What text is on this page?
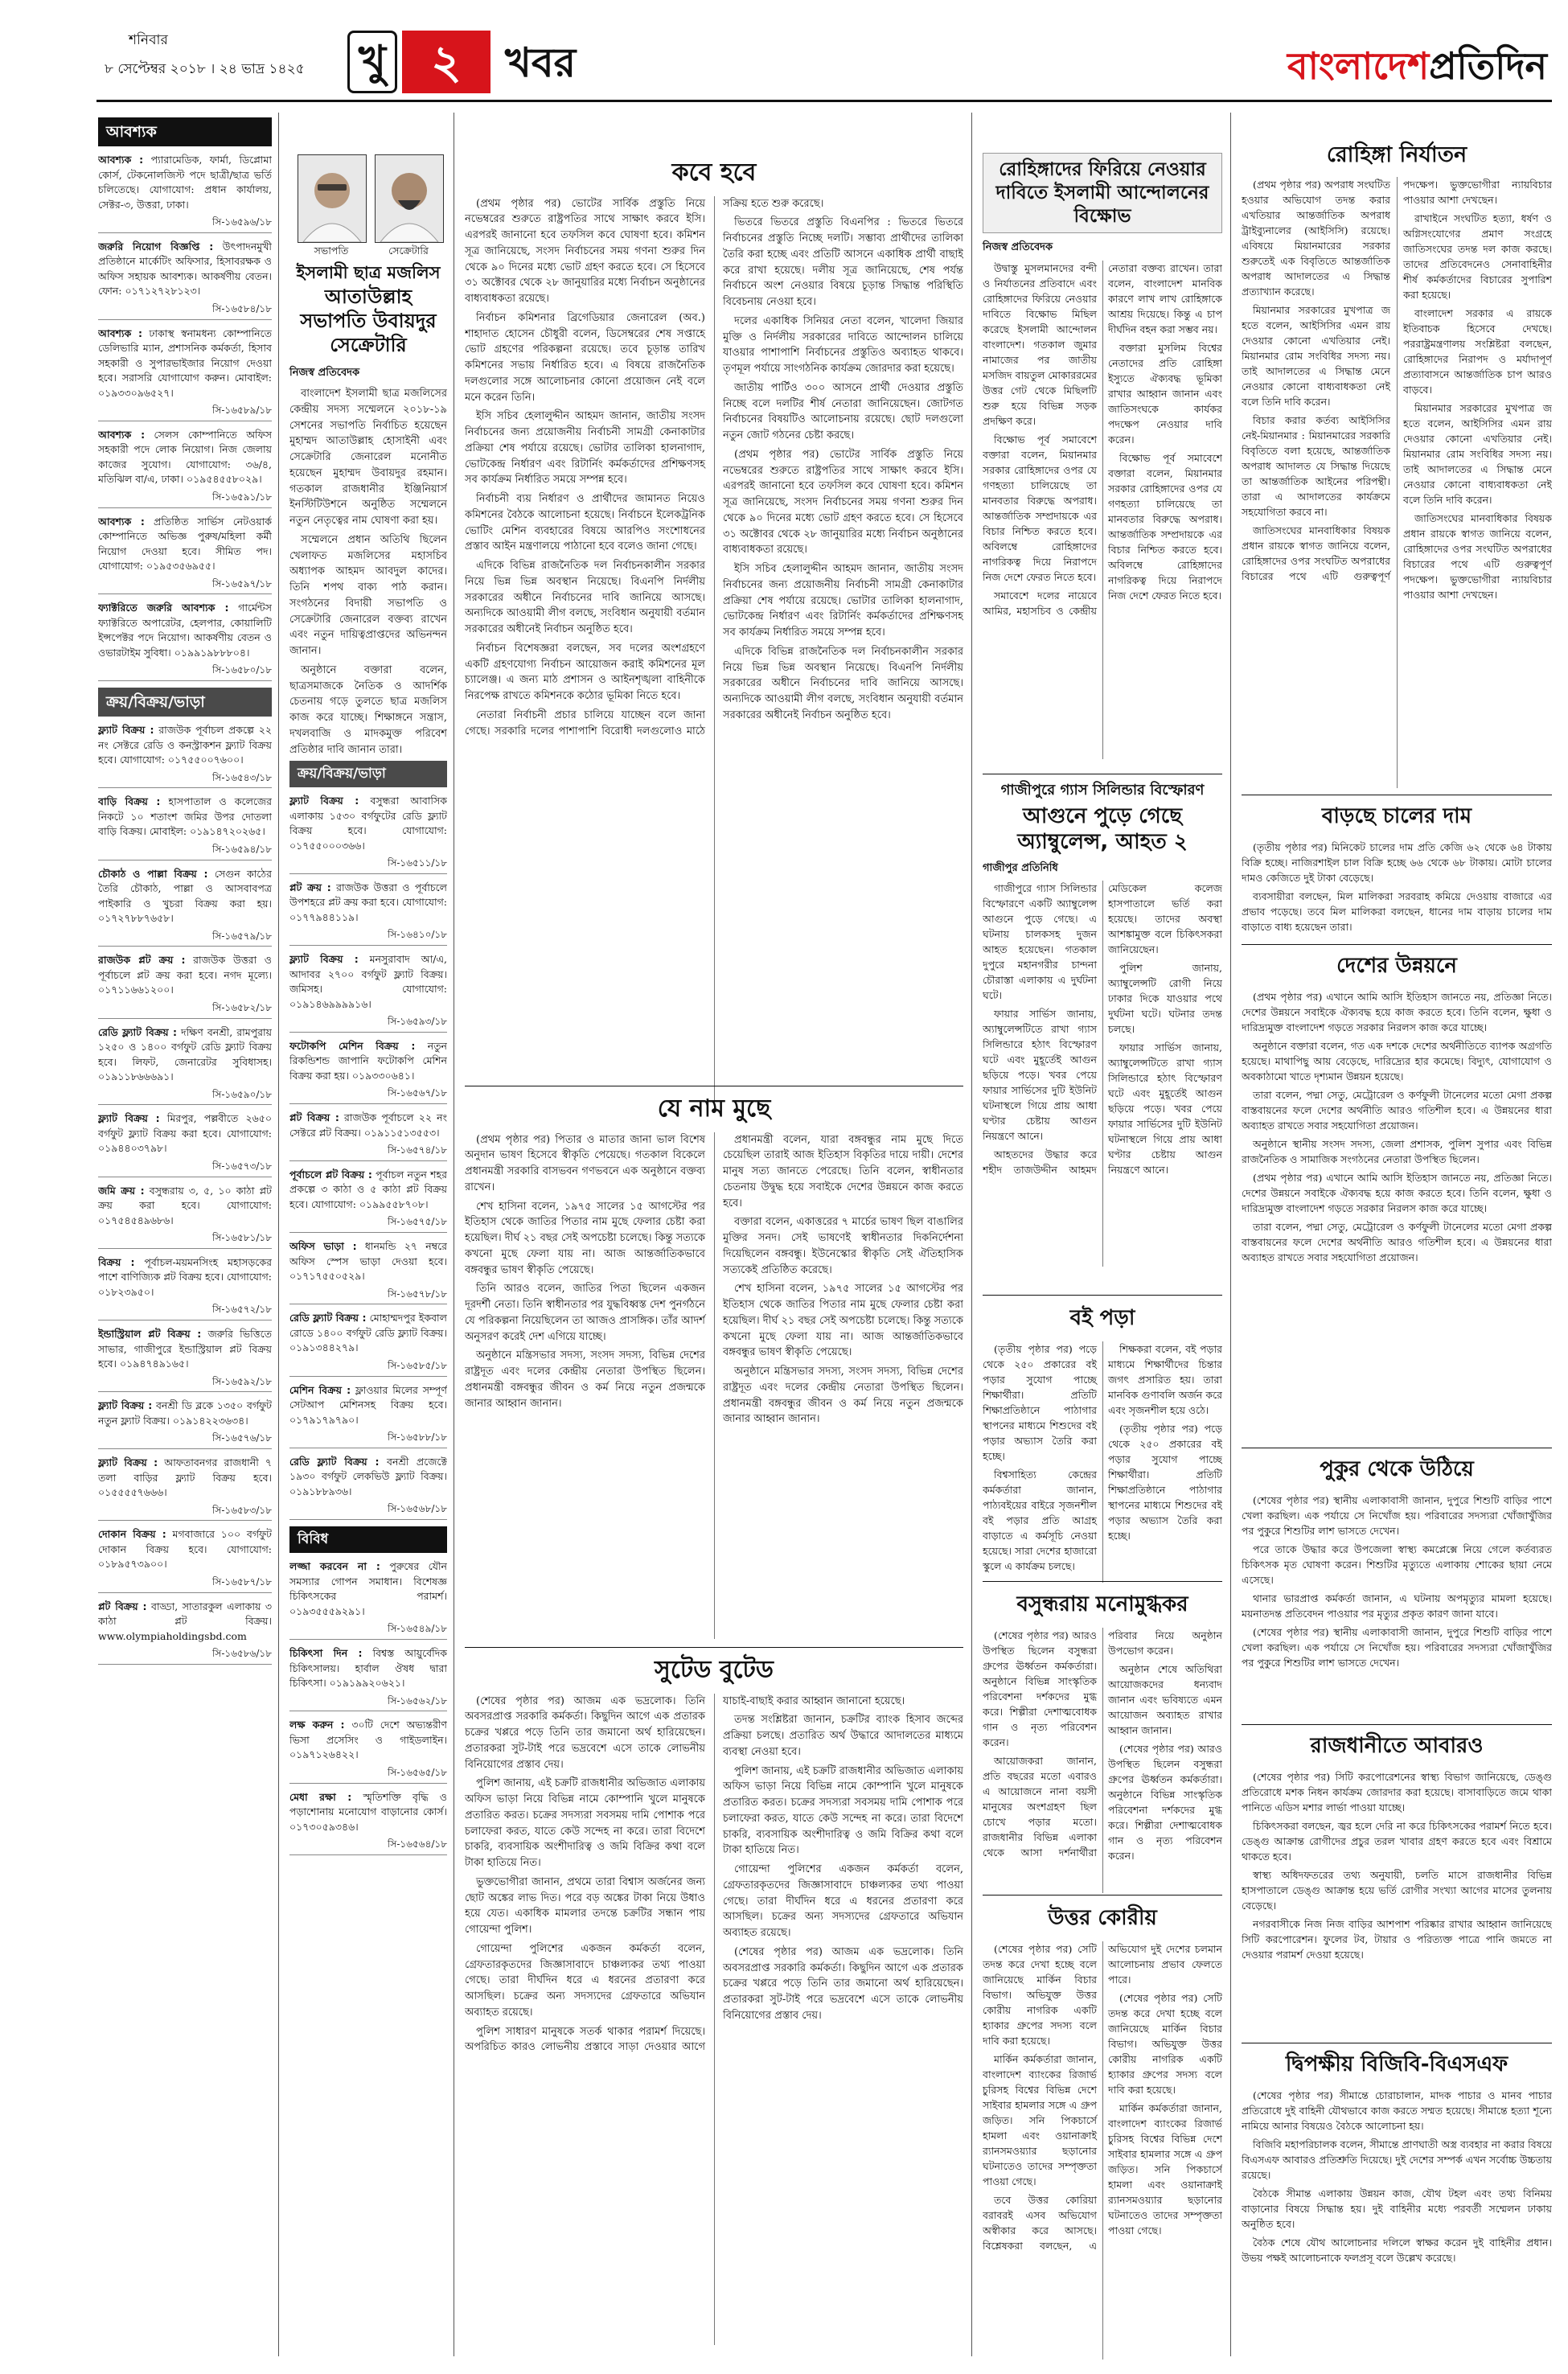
শনিবার
৮ সেপ্টেম্বর ২০১৮ । ২৪ ভাদ্র ১৪২৫ খু ২	খবর	বাংলাদেশপ্রতিদিন
আবশ্যক
আবশ্যক : প্যারামেডিক, ফার্মা, ডিপ্লোমা কোর্স, টেকনোলজিস্ট পদে ছাত্রী/ছাত্র ভর্তি চলিতেছে। যোগাযোগ: প্রধান কার্যালয়, সেক্টর-৩, উত্তরা, ঢাকা।
সি-১৬৫৯৬/১৮
জরুরি নিয়োগ বিজ্ঞপ্তি : উৎপাদনমুখী প্রতিষ্ঠানে মার্কেটিং অফিসার, হিসাবরক্ষক ও অফিস সহায়ক আবশ্যক। আকর্ষণীয় বেতন। ফোন: ০১৭১২৭২৮১২৩।
সি-১৬৫৮৪/১৮
আবশ্যক : ঢাকাস্থ স্বনামধন্য কোম্পানিতে ডেলিভারি ম্যান, প্রশাসনিক কর্মকর্তা, হিসাব সহকারী ও সুপারভাইজার নিয়োগ দেওয়া হবে। সরাসরি যোগাযোগ করুন। মোবাইল: ০১৯৩৩০৯৬৫২৭।
সি-১৬৫৮৯/১৮
আবশ্যক : সেলস কোম্পানিতে অফিস সহকারী পদে লোক নিয়োগ। নিজ জেলায় কাজের সুযোগ। যোগাযোগ: ৩৬/৪, মতিঝিল বা/এ, ঢাকা। ০১৯৫৪৫৫৮০২৯।
সি-১৬৫৯১/১৮
আবশ্যক : প্রতিষ্ঠিত সার্ভিস নেটওয়ার্ক কোম্পানিতে অভিজ্ঞ পুরুষ/মহিলা কর্মী নিয়োগ দেওয়া হবে। সীমিত পদ। যোগাযোগ: ০১৯৫৩৫৬৯৫৫।
সি-১৬৫৯৭/১৮
ফ্যাক্টরিতে জরুরি আবশ্যক : গার্মেন্টস ফ্যাক্টরিতে অপারেটর, হেলপার, কোয়ালিটি ইন্সপেক্টর পদে নিয়োগ। আকর্ষণীয় বেতন ও ওভারটাইম সুবিধা। ০১৯৯১৯৮৮৮০৪।
সি-১৬৫৮০/১৮
ক্রয়/বিক্রয়/ভাড়া
ফ্ল্যাট বিক্রয় : রাজউক পূর্বাচল প্রকল্পে ২২ নং সেক্টরে রেডি ও কনস্ট্রাকশন ফ্ল্যাট বিক্রয় হবে। যোগাযোগ: ০১৭৫৫০০৭৬০০।
সি-১৬৫৪৩/১৮
বাড়ি বিক্রয় : হাসপাতাল ও কলেজের নিকটে ১০ শতাংশ জমির উপর দোতলা বাড়ি বিক্রয়। মোবাইল: ০১৯১৪৭২০২৬৫।
সি-১৬৫৯৪/১৮
চৌকাঠ ও পাল্লা বিক্রয় : সেগুন কাঠের তৈরি চৌকাঠ, পাল্লা ও আসবাবপত্র পাইকারি ও খুচরা বিক্রয় করা হয়। ০১৭২৭৮৮৭৬৫৮।
সি-১৬৫৭৯/১৮
রাজউক প্লট ক্রয় : রাজউক উত্তরা ও পূর্বাচলে প্লট ক্রয় করা হবে। নগদ মূল্যে। ০১৭১১৬৬১২০০।
সি-১৬৫৮২/১৮
রেডি ফ্ল্যাট বিক্রয় : দক্ষিণ বনশ্রী, রামপুরায় ১২৫০ ও ১৪০০ বর্গফুট রেডি ফ্ল্যাট বিক্রয় হবে। লিফট, জেনারেটর সুবিধাসহ। ০১৯১১৮৬৬৬৯১।
সি-১৬৫৯০/১৮
ফ্ল্যাট বিক্রয় : মিরপুর, পল্লবীতে ২৬৫০ বর্গফুট ফ্ল্যাট বিক্রয় করা হবে। যোগাযোগ: ০১৯৪৪০৩৭৯৮।
সি-১৬৫৭৩/১৮
জমি ক্রয় : বসুন্ধরায় ৩, ৫, ১০ কাঠা প্লট ক্রয় করা হবে। যোগাযোগ: ০১৭৫৪৫৪৯৬৮৬।
সি-১৬৫৮১/১৮
বিক্রয় : পূর্বাচল-ময়মনসিংহ মহাসড়কের পাশে বাণিজ্যিক প্লট বিক্রয় হবে। যোগাযোগ: ০১৮২৩৯৫০।
সি-১৬৫৭২/১৮
ইন্ডাস্ট্রিয়াল প্লট বিক্রয় : জরুরি ভিত্তিতে সাভার, গাজীপুরে ইন্ডাস্ট্রিয়াল প্লট বিক্রয় হবে। ০১৯৪৭৪৯১৬৫।
সি-১৬৫৯২/১৮
ফ্ল্যাট বিক্রয় : বনশ্রী ডি ব্লকে ১৩৫০ বর্গফুট নতুন ফ্ল্যাট বিক্রয়। ০১৯১৪২২৩৬৩৪।
সি-১৬৫৭৬/১৮
ফ্ল্যাট বিক্রয় : আফতাবনগর রাজধানী ৭ তলা বাড়ির ফ্ল্যাট বিক্রয় হবে। ০১৫৫৫৫৭৬৬৬।
সি-১৬৫৮৩/১৮
দোকান বিক্রয় : মগবাজারে ১০০ বর্গফুট দোকান বিক্রয় হবে। যোগাযোগ: ০১৮৯৫৭৩৯০০।
সি-১৬৫৮৭/১৮
প্লট বিক্রয় : বাড্ডা, সাতারকুল এলাকায় ৩ কাঠা প্লট বিক্রয়। www.olympiaholdingsbd.com
সি-১৬৫৮৬/১৮
সভাপতি	সেক্রেটারি
ইসলামী ছাত্র মজলিস
আতাউল্লাহ সভাপতি উবায়দুর সেক্রেটারি
নিজস্ব প্রতিবেদক

বাংলাদেশ ইসলামী ছাত্র মজলিসের কেন্দ্রীয় সদস্য সম্মেলনে ২০১৮-১৯ সেশনের সভাপতি নির্বাচিত হয়েছেন মুহাম্মদ আতাউল্লাহ হোসাইনী এবং সেক্রেটারি জেনারেল মনোনীত হয়েছেন মুহাম্মদ উবায়দুর রহমান। গতকাল রাজধানীর ইঞ্জিনিয়ার্স ইনস্টিটিউশনে অনুষ্ঠিত সম্মেলনে নতুন নেতৃত্বের নাম ঘোষণা করা হয়।

সম্মেলনে প্রধান অতিথি ছিলেন খেলাফত মজলিসের মহাসচিব অধ্যাপক আহমদ আবদুল কাদের। তিনি শপথ বাক্য পাঠ করান। সংগঠনের বিদায়ী সভাপতি ও সেক্রেটারি জেনারেল বক্তব্য রাখেন এবং নতুন দায়িত্বপ্রাপ্তদের অভিনন্দন জানান।

অনুষ্ঠানে বক্তারা বলেন, ছাত্রসমাজকে নৈতিক ও আদর্শিক চেতনায় গড়ে তুলতে ছাত্র মজলিস কাজ করে যাচ্ছে। শিক্ষাঙ্গনে সন্ত্রাস, দখলবাজি ও মাদকমুক্ত পরিবেশ প্রতিষ্ঠার দাবি জানান তারা।

ক্রয়/বিক্রয়/ভাড়া
ফ্ল্যাট বিক্রয় : বসুন্ধরা আবাসিক এলাকায় ১৫৩০ বর্গফুটের রেডি ফ্ল্যাট বিক্রয় হবে। যোগাযোগ: ০১৭৫৫০০০৩৬৬।
সি-১৬৫১১/১৮
প্লট ক্রয় : রাজউক উত্তরা ও পূর্বাচলে উপশহরে প্লট ক্রয় করা হবে। যোগাযোগ: ০১৭৭৯৪৪১১৯।
সি-১৬৪১০/১৮
ফ্ল্যাট বিক্রয় : মনসুরাবাদ আ/এ, আদাবর ২৭০০ বর্গফুট ফ্ল্যাট বিক্রয়। জমিসহ। যোগাযোগ: ০১৯১৪৬৯৯৯৯১৬।
সি-১৬৫৯৩/১৮
ফটোকপি মেশিন বিক্রয় : নতুন রিকন্ডিশন্ড জাপানি ফটোকপি মেশিন বিক্রয় করা হয়। ০১৯৩৩০৬৪১।
সি-১৬৫৬৭/১৮
প্লট বিক্রয় : রাজউক পূর্বাচলে ২২ নং সেক্টরে প্লট বিক্রয়। ০১৯১১৫১৩৫৫৩।
সি-১৬৫৭৪/১৮
পূর্বাচলে প্লট বিক্রয় : পূর্বাচল নতুন শহর প্রকল্পে ৩ কাঠা ও ৫ কাঠা প্লট বিক্রয় হবে। যোগাযোগ: ০১৯৯৫৫৮৭০৮।
সি-১৬৫৭৫/১৮
অফিস ভাড়া : ধানমন্ডি ২৭ নম্বরে অফিস স্পেস ভাড়া দেওয়া হবে। ০১৭১৭৫৫০৫২৯।
সি-১৬৫৭৮/১৮
রেডি ফ্ল্যাট বিক্রয় : মোহাম্মদপুর ইকবাল রোডে ১৪০০ বর্গফুট রেডি ফ্ল্যাট বিক্রয়। ০১৯১৩৪৪২৭৯।
সি-১৬৫৮৫/১৮
মেশিন বিক্রয় : ফ্লাওয়ার মিলের সম্পূর্ণ সেটআপ মেশিনসহ বিক্রয় হবে। ০১৭৯১৭৯৭৯০।
সি-১৬৫৮৮/১৮
রেডি ফ্ল্যাট বিক্রয় : বনশ্রী প্রজেক্টে ১৯৩০ বর্গফুট লেকভিউ ফ্ল্যাট বিক্রয়। ০১৯১৮৮৯৩৬।
সি-১৬৫৬৮/১৮
বিবিধ
লজ্জা করবেন না : পুরুষের যৌন সমস্যার গোপন সমাধান। বিশেষজ্ঞ চিকিৎসকের পরামর্শ। ০১৯৩৫৫৫৯২৯১।
সি-১৬৫৪৯/১৮
চিকিৎসা দিন : বিশ্বস্ত আয়ুর্বেদিক চিকিৎসালয়। হার্বাল ঔষধ দ্বারা চিকিৎসা। ০১৯১৯৯২০৬২১।
সি-১৬৫৬২/১৮
লক্ষ করুন : ৩০টি দেশে অভ্যন্তরীণ ভিসা প্রসেসিং ও গাইডলাইন। ০১৯৭১২৬৪২২।
সি-১৬৫৬৫/১৮
মেধা রক্ষা : স্মৃতিশক্তি বৃদ্ধি ও পড়াশোনায় মনোযোগ বাড়ানোর কোর্স। ০১৭৩০৫৯৩৪৬।
সি-১৬৫৬৪/১৮
কবে হবে

(প্রথম পৃষ্ঠার পর) ভোটের সার্বিক প্রস্তুতি নিয়ে নভেম্বরের শুরুতে রাষ্ট্রপতির সাথে সাক্ষাৎ করবে ইসি। এরপরই জানানো হবে তফসিল কবে ঘোষণা হবে। কমিশন সূত্র জানিয়েছে, সংসদ নির্বাচনের সময় গণনা শুরুর দিন থেকে ৯০ দিনের মধ্যে ভোট গ্রহণ করতে হবে। সে হিসেবে ৩১ অক্টোবর থেকে ২৮ জানুয়ারির মধ্যে নির্বাচন অনুষ্ঠানের বাধ্যবাধকতা রয়েছে।

নির্বাচন কমিশনার ব্রিগেডিয়ার জেনারেল (অব.) শাহাদাত হোসেন চৌধুরী বলেন, ডিসেম্বরের শেষ সপ্তাহে ভোট গ্রহণের পরিকল্পনা রয়েছে। তবে চূড়ান্ত তারিখ কমিশনের সভায় নির্ধারিত হবে। এ বিষয়ে রাজনৈতিক দলগুলোর সঙ্গে আলোচনার কোনো প্রয়োজন নেই বলে মনে করেন তিনি।

ইসি সচিব হেলালুদ্দীন আহমদ জানান, জাতীয় সংসদ নির্বাচনের জন্য প্রয়োজনীয় নির্বাচনী সামগ্রী কেনাকাটার প্রক্রিয়া শেষ পর্যায়ে রয়েছে। ভোটার তালিকা হালনাগাদ, ভোটকেন্দ্র নির্ধারণ এবং রিটার্নিং কর্মকর্তাদের প্রশিক্ষণসহ সব কার্যক্রম নির্ধারিত সময়ে সম্পন্ন হবে।

নির্বাচনী ব্যয় নির্ধারণ ও প্রার্থীদের জামানত নিয়েও কমিশনের বৈঠকে আলোচনা হয়েছে। নির্বাচনে ইলেকট্রনিক ভোটিং মেশিন ব্যবহারের বিষয়ে আরপিও সংশোধনের প্রস্তাব আইন মন্ত্রণালয়ে পাঠানো হবে বলেও জানা গেছে।

এদিকে বিভিন্ন রাজনৈতিক দল নির্বাচনকালীন সরকার নিয়ে ভিন্ন ভিন্ন অবস্থান নিয়েছে। বিএনপি নির্দলীয় সরকারের অধীনে নির্বাচনের দাবি জানিয়ে আসছে। অন্যদিকে আওয়ামী লীগ বলছে, সংবিধান অনুযায়ী বর্তমান সরকারের অধীনেই নির্বাচন অনুষ্ঠিত হবে।

নির্বাচন বিশেষজ্ঞরা বলছেন, সব দলের অংশগ্রহণে একটি গ্রহণযোগ্য নির্বাচন আয়োজন করাই কমিশনের মূল চ্যালেঞ্জ। এ জন্য মাঠ প্রশাসন ও আইনশৃঙ্খলা বাহিনীকে নিরপেক্ষ রাখতে কমিশনকে কঠোর ভূমিকা নিতে হবে।

নেতারা নির্বাচনী প্রচার চালিয়ে যাচ্ছেন বলে জানা গেছে। সরকারি দলের পাশাপাশি বিরোধী দলগুলোও মাঠে সক্রিয় হতে শুরু করেছে।

ভিতরে ভিতরে প্রস্তুতি বিএনপির : ভিতরে ভিতরে নির্বাচনের প্রস্তুতি নিচ্ছে দলটি। সম্ভাব্য প্রার্থীদের তালিকা তৈরি করা হচ্ছে এবং প্রতিটি আসনে একাধিক প্রার্থী বাছাই করে রাখা হয়েছে। দলীয় সূত্র জানিয়েছে, শেষ পর্যন্ত নির্বাচনে অংশ নেওয়ার বিষয়ে চূড়ান্ত সিদ্ধান্ত পরিস্থিতি বিবেচনায় নেওয়া হবে।

দলের একাধিক সিনিয়র নেতা বলেন, খালেদা জিয়ার মুক্তি ও নির্দলীয় সরকারের দাবিতে আন্দোলন চালিয়ে যাওয়ার পাশাপাশি নির্বাচনের প্রস্তুতিও অব্যাহত থাকবে। তৃণমূল পর্যায়ে সাংগঠনিক কার্যক্রম জোরদার করা হয়েছে।

জাতীয় পার্টিও ৩০০ আসনে প্রার্থী দেওয়ার প্রস্তুতি নিচ্ছে বলে দলটির শীর্ষ নেতারা জানিয়েছেন। জোটগত নির্বাচনের বিষয়টিও আলোচনায় রয়েছে। ছোট দলগুলো নতুন জোট গঠনের চেষ্টা করছে।

(প্রথম পৃষ্ঠার পর) ভোটের সার্বিক প্রস্তুতি নিয়ে নভেম্বরের শুরুতে রাষ্ট্রপতির সাথে সাক্ষাৎ করবে ইসি। এরপরই জানানো হবে তফসিল কবে ঘোষণা হবে। কমিশন সূত্র জানিয়েছে, সংসদ নির্বাচনের সময় গণনা শুরুর দিন থেকে ৯০ দিনের মধ্যে ভোট গ্রহণ করতে হবে। সে হিসেবে ৩১ অক্টোবর থেকে ২৮ জানুয়ারির মধ্যে নির্বাচন অনুষ্ঠানের বাধ্যবাধকতা রয়েছে।

ইসি সচিব হেলালুদ্দীন আহমদ জানান, জাতীয় সংসদ নির্বাচনের জন্য প্রয়োজনীয় নির্বাচনী সামগ্রী কেনাকাটার প্রক্রিয়া শেষ পর্যায়ে রয়েছে। ভোটার তালিকা হালনাগাদ, ভোটকেন্দ্র নির্ধারণ এবং রিটার্নিং কর্মকর্তাদের প্রশিক্ষণসহ সব কার্যক্রম নির্ধারিত সময়ে সম্পন্ন হবে।

এদিকে বিভিন্ন রাজনৈতিক দল নির্বাচনকালীন সরকার নিয়ে ভিন্ন ভিন্ন অবস্থান নিয়েছে। বিএনপি নির্দলীয় সরকারের অধীনে নির্বাচনের দাবি জানিয়ে আসছে। অন্যদিকে আওয়ামী লীগ বলছে, সংবিধান অনুযায়ী বর্তমান সরকারের অধীনেই নির্বাচন অনুষ্ঠিত হবে।

যে নাম মুছে

(প্রথম পৃষ্ঠার পর) পিতার ও মাতার জানা ভাল বিশেষ অনুদান ভাষণ হিসেবে স্বীকৃতি পেয়েছে। গতকাল বিকেলে প্রধানমন্ত্রী সরকারি বাসভবন গণভবনে এক অনুষ্ঠানে বক্তব্য রাখেন।

শেখ হাসিনা বলেন, ১৯৭৫ সালের ১৫ আগস্টের পর ইতিহাস থেকে জাতির পিতার নাম মুছে ফেলার চেষ্টা করা হয়েছিল। দীর্ঘ ২১ বছর সেই অপচেষ্টা চলেছে। কিন্তু সত্যকে কখনো মুছে ফেলা যায় না। আজ আন্তর্জাতিকভাবে বঙ্গবন্ধুর ভাষণ স্বীকৃতি পেয়েছে।

তিনি আরও বলেন, জাতির পিতা ছিলেন একজন দূরদর্শী নেতা। তিনি স্বাধীনতার পর যুদ্ধবিধ্বস্ত দেশ পুনর্গঠনে যে পরিকল্পনা নিয়েছিলেন তা আজও প্রাসঙ্গিক। তাঁর আদর্শ অনুসরণ করেই দেশ এগিয়ে যাচ্ছে।

অনুষ্ঠানে মন্ত্রিসভার সদস্য, সংসদ সদস্য, বিভিন্ন দেশের রাষ্ট্রদূত এবং দলের কেন্দ্রীয় নেতারা উপস্থিত ছিলেন। প্রধানমন্ত্রী বঙ্গবন্ধুর জীবন ও কর্ম নিয়ে নতুন প্রজন্মকে জানার আহ্বান জানান।

প্রধানমন্ত্রী বলেন, যারা বঙ্গবন্ধুর নাম মুছে দিতে চেয়েছিল তারাই আজ ইতিহাস বিকৃতির দায়ে দায়ী। দেশের মানুষ সত্য জানতে পেরেছে। তিনি বলেন, স্বাধীনতার চেতনায় উদ্বুদ্ধ হয়ে সবাইকে দেশের উন্নয়নে কাজ করতে হবে।

বক্তারা বলেন, একাত্তরের ৭ মার্চের ভাষণ ছিল বাঙালির মুক্তির সনদ। সেই ভাষণেই স্বাধীনতার দিকনির্দেশনা দিয়েছিলেন বঙ্গবন্ধু। ইউনেস্কোর স্বীকৃতি সেই ঐতিহাসিক সত্যকেই প্রতিষ্ঠিত করেছে।

শেখ হাসিনা বলেন, ১৯৭৫ সালের ১৫ আগস্টের পর ইতিহাস থেকে জাতির পিতার নাম মুছে ফেলার চেষ্টা করা হয়েছিল। দীর্ঘ ২১ বছর সেই অপচেষ্টা চলেছে। কিন্তু সত্যকে কখনো মুছে ফেলা যায় না। আজ আন্তর্জাতিকভাবে বঙ্গবন্ধুর ভাষণ স্বীকৃতি পেয়েছে।

অনুষ্ঠানে মন্ত্রিসভার সদস্য, সংসদ সদস্য, বিভিন্ন দেশের রাষ্ট্রদূত এবং দলের কেন্দ্রীয় নেতারা উপস্থিত ছিলেন। প্রধানমন্ত্রী বঙ্গবন্ধুর জীবন ও কর্ম নিয়ে নতুন প্রজন্মকে জানার আহ্বান জানান।

সুটেড বুটেড

(শেষের পৃষ্ঠার পর) আজম এক ভদ্রলোক। তিনি অবসরপ্রাপ্ত সরকারি কর্মকর্তা। কিছুদিন আগে এক প্রতারক চক্রের খপ্পরে পড়ে তিনি তার জমানো অর্থ হারিয়েছেন। প্রতারকরা সুট-টাই পরে ভদ্রবেশে এসে তাকে লোভনীয় বিনিয়োগের প্রস্তাব দেয়।

পুলিশ জানায়, এই চক্রটি রাজধানীর অভিজাত এলাকায় অফিস ভাড়া নিয়ে বিভিন্ন নামে কোম্পানি খুলে মানুষকে প্রতারিত করত। চক্রের সদস্যরা সবসময় দামি পোশাক পরে চলাফেরা করত, যাতে কেউ সন্দেহ না করে। তারা বিদেশে চাকরি, ব্যবসায়িক অংশীদারিত্ব ও জমি বিক্রির কথা বলে টাকা হাতিয়ে নিত।

ভুক্তভোগীরা জানান, প্রথমে তারা বিশ্বাস অর্জনের জন্য ছোট অঙ্কের লাভ দিত। পরে বড় অঙ্কের টাকা নিয়ে উধাও হয়ে যেত। একাধিক মামলার তদন্তে চক্রটির সন্ধান পায় গোয়েন্দা পুলিশ।

গোয়েন্দা পুলিশের একজন কর্মকর্তা বলেন, গ্রেফতারকৃতদের জিজ্ঞাসাবাদে চাঞ্চল্যকর তথ্য পাওয়া গেছে। তারা দীর্ঘদিন ধরে এ ধরনের প্রতারণা করে আসছিল। চক্রের অন্য সদস্যদের গ্রেফতারে অভিযান অব্যাহত রয়েছে।

পুলিশ সাধারণ মানুষকে সতর্ক থাকার পরামর্শ দিয়েছে। অপরিচিত কারও লোভনীয় প্রস্তাবে সাড়া দেওয়ার আগে যাচাই-বাছাই করার আহ্বান জানানো হয়েছে।

তদন্ত সংশ্লিষ্টরা জানান, চক্রটির ব্যাংক হিসাব জব্দের প্রক্রিয়া চলছে। প্রতারিত অর্থ উদ্ধারে আদালতের মাধ্যমে ব্যবস্থা নেওয়া হবে।

পুলিশ জানায়, এই চক্রটি রাজধানীর অভিজাত এলাকায় অফিস ভাড়া নিয়ে বিভিন্ন নামে কোম্পানি খুলে মানুষকে প্রতারিত করত। চক্রের সদস্যরা সবসময় দামি পোশাক পরে চলাফেরা করত, যাতে কেউ সন্দেহ না করে। তারা বিদেশে চাকরি, ব্যবসায়িক অংশীদারিত্ব ও জমি বিক্রির কথা বলে টাকা হাতিয়ে নিত।

গোয়েন্দা পুলিশের একজন কর্মকর্তা বলেন, গ্রেফতারকৃতদের জিজ্ঞাসাবাদে চাঞ্চল্যকর তথ্য পাওয়া গেছে। তারা দীর্ঘদিন ধরে এ ধরনের প্রতারণা করে আসছিল। চক্রের অন্য সদস্যদের গ্রেফতারে অভিযান অব্যাহত রয়েছে।

(শেষের পৃষ্ঠার পর) আজম এক ভদ্রলোক। তিনি অবসরপ্রাপ্ত সরকারি কর্মকর্তা। কিছুদিন আগে এক প্রতারক চক্রের খপ্পরে পড়ে তিনি তার জমানো অর্থ হারিয়েছেন। প্রতারকরা সুট-টাই পরে ভদ্রবেশে এসে তাকে লোভনীয় বিনিয়োগের প্রস্তাব দেয়।

রোহিঙ্গাদের ফিরিয়ে নেওয়ার দাবিতে ইসলামী আন্দোলনের বিক্ষোভ
নিজস্ব প্রতিবেদক

উদ্বাস্তু মুসলমানদের বন্দী ও নির্যাতনের প্রতিবাদে এবং রোহিঙ্গাদের ফিরিয়ে নেওয়ার দাবিতে বিক্ষোভ মিছিল করেছে ইসলামী আন্দোলন বাংলাদেশ। গতকাল জুমার নামাজের পর জাতীয় মসজিদ বায়তুল মোকাররমের উত্তর গেট থেকে মিছিলটি শুরু হয়ে বিভিন্ন সড়ক প্রদক্ষিণ করে।

বিক্ষোভ পূর্ব সমাবেশে বক্তারা বলেন, মিয়ানমার সরকার রোহিঙ্গাদের ওপর যে গণহত্যা চালিয়েছে তা মানবতার বিরুদ্ধে অপরাধ। আন্তর্জাতিক সম্প্রদায়কে এর বিচার নিশ্চিত করতে হবে। অবিলম্বে রোহিঙ্গাদের নাগরিকত্ব দিয়ে নিরাপদে নিজ দেশে ফেরত নিতে হবে।

সমাবেশে দলের নায়েবে আমির, মহাসচিব ও কেন্দ্রীয় নেতারা বক্তব্য রাখেন। তারা বলেন, বাংলাদেশ মানবিক কারণে লাখ লাখ রোহিঙ্গাকে আশ্রয় দিয়েছে। কিন্তু এ চাপ দীর্ঘদিন বহন করা সম্ভব নয়।

বক্তারা মুসলিম বিশ্বের নেতাদের প্রতি রোহিঙ্গা ইস্যুতে ঐক্যবদ্ধ ভূমিকা রাখার আহ্বান জানান এবং জাতিসংঘকে কার্যকর পদক্ষেপ নেওয়ার দাবি করেন।

বিক্ষোভ পূর্ব সমাবেশে বক্তারা বলেন, মিয়ানমার সরকার রোহিঙ্গাদের ওপর যে গণহত্যা চালিয়েছে তা মানবতার বিরুদ্ধে অপরাধ। আন্তর্জাতিক সম্প্রদায়কে এর বিচার নিশ্চিত করতে হবে। অবিলম্বে রোহিঙ্গাদের নাগরিকত্ব দিয়ে নিরাপদে নিজ দেশে ফেরত নিতে হবে।

গাজীপুরে গ্যাস সিলিন্ডার বিস্ফোরণ
আগুনে পুড়ে গেছে অ্যাম্বুলেন্স, আহত ২
গাজীপুর প্রতিনিধি

গাজীপুরে গ্যাস সিলিন্ডার বিস্ফোরণে একটি অ্যাম্বুলেন্স আগুনে পুড়ে গেছে। এ ঘটনায় চালকসহ দুজন আহত হয়েছেন। গতকাল দুপুরে মহানগরীর চান্দনা চৌরাস্তা এলাকায় এ দুর্ঘটনা ঘটে।

ফায়ার সার্ভিস জানায়, অ্যাম্বুলেন্সটিতে রাখা গ্যাস সিলিন্ডারে হঠাৎ বিস্ফোরণ ঘটে এবং মুহূর্তেই আগুন ছড়িয়ে পড়ে। খবর পেয়ে ফায়ার সার্ভিসের দুটি ইউনিট ঘটনাস্থলে গিয়ে প্রায় আধা ঘণ্টার চেষ্টায় আগুন নিয়ন্ত্রণে আনে।

আহতদের উদ্ধার করে শহীদ তাজউদ্দীন আহমদ মেডিকেল কলেজ হাসপাতালে ভর্তি করা হয়েছে। তাদের অবস্থা আশঙ্কামুক্ত বলে চিকিৎসকরা জানিয়েছেন।

পুলিশ জানায়, অ্যাম্বুলেন্সটি রোগী নিয়ে ঢাকার দিকে যাওয়ার পথে দুর্ঘটনা ঘটে। ঘটনার তদন্ত চলছে।

ফায়ার সার্ভিস জানায়, অ্যাম্বুলেন্সটিতে রাখা গ্যাস সিলিন্ডারে হঠাৎ বিস্ফোরণ ঘটে এবং মুহূর্তেই আগুন ছড়িয়ে পড়ে। খবর পেয়ে ফায়ার সার্ভিসের দুটি ইউনিট ঘটনাস্থলে গিয়ে প্রায় আধা ঘণ্টার চেষ্টায় আগুন নিয়ন্ত্রণে আনে।

বই পড়া

(তৃতীয় পৃষ্ঠার পর) পড়ে থেকে ২৫০ প্রকারের বই পড়ার সুযোগ পাচ্ছে শিক্ষার্থীরা। প্রতিটি শিক্ষাপ্রতিষ্ঠানে পাঠাগার স্থাপনের মাধ্যমে শিশুদের বই পড়ার অভ্যাস তৈরি করা হচ্ছে।

বিশ্বসাহিত্য কেন্দ্রের কর্মকর্তারা জানান, পাঠ্যবইয়ের বাইরে সৃজনশীল বই পড়ার প্রতি আগ্রহ বাড়াতে এ কর্মসূচি নেওয়া হয়েছে। সারা দেশের হাজারো স্কুলে এ কার্যক্রম চলছে।

শিক্ষকরা বলেন, বই পড়ার মাধ্যমে শিক্ষার্থীদের চিন্তার জগৎ প্রসারিত হয়। তারা মানবিক গুণাবলি অর্জন করে এবং সৃজনশীল হয়ে ওঠে।

(তৃতীয় পৃষ্ঠার পর) পড়ে থেকে ২৫০ প্রকারের বই পড়ার সুযোগ পাচ্ছে শিক্ষার্থীরা। প্রতিটি শিক্ষাপ্রতিষ্ঠানে পাঠাগার স্থাপনের মাধ্যমে শিশুদের বই পড়ার অভ্যাস তৈরি করা হচ্ছে।

বসুন্ধরায় মনোমুগ্ধকর

(শেষের পৃষ্ঠার পর) আরও উপস্থিত ছিলেন বসুন্ধরা গ্রুপের ঊর্ধ্বতন কর্মকর্তারা। অনুষ্ঠানে বিভিন্ন সাংস্কৃতিক পরিবেশনা দর্শকদের মুগ্ধ করে। শিল্পীরা দেশাত্মবোধক গান ও নৃত্য পরিবেশন করেন।

আয়োজকরা জানান, প্রতি বছরের মতো এবারও এ আয়োজনে নানা বয়সী মানুষের অংশগ্রহণ ছিল চোখে পড়ার মতো। রাজধানীর বিভিন্ন এলাকা থেকে আসা দর্শনার্থীরা পরিবার নিয়ে অনুষ্ঠান উপভোগ করেন।

অনুষ্ঠান শেষে অতিথিরা আয়োজকদের ধন্যবাদ জানান এবং ভবিষ্যতে এমন আয়োজন অব্যাহত রাখার আহ্বান জানান।

(শেষের পৃষ্ঠার পর) আরও উপস্থিত ছিলেন বসুন্ধরা গ্রুপের ঊর্ধ্বতন কর্মকর্তারা। অনুষ্ঠানে বিভিন্ন সাংস্কৃতিক পরিবেশনা দর্শকদের মুগ্ধ করে। শিল্পীরা দেশাত্মবোধক গান ও নৃত্য পরিবেশন করেন।

উত্তর কোরীয়

(শেষের পৃষ্ঠার পর) সেটি তদন্ত করে দেখা হচ্ছে বলে জানিয়েছে মার্কিন বিচার বিভাগ। অভিযুক্ত উত্তর কোরীয় নাগরিক একটি হ্যাকার গ্রুপের সদস্য বলে দাবি করা হয়েছে।

মার্কিন কর্মকর্তারা জানান, বাংলাদেশ ব্যাংকের রিজার্ভ চুরিসহ বিশ্বের বিভিন্ন দেশে সাইবার হামলার সঙ্গে এ গ্রুপ জড়িত। সনি পিকচার্সে হামলা এবং ওয়ানাক্রাই র‍্যানসমওয়্যার ছড়ানোর ঘটনাতেও তাদের সম্পৃক্ততা পাওয়া গেছে।

তবে উত্তর কোরিয়া বরাবরই এসব অভিযোগ অস্বীকার করে আসছে। বিশ্লেষকরা বলছেন, এ অভিযোগ দুই দেশের চলমান আলোচনায় প্রভাব ফেলতে পারে।

(শেষের পৃষ্ঠার পর) সেটি তদন্ত করে দেখা হচ্ছে বলে জানিয়েছে মার্কিন বিচার বিভাগ। অভিযুক্ত উত্তর কোরীয় নাগরিক একটি হ্যাকার গ্রুপের সদস্য বলে দাবি করা হয়েছে।

মার্কিন কর্মকর্তারা জানান, বাংলাদেশ ব্যাংকের রিজার্ভ চুরিসহ বিশ্বের বিভিন্ন দেশে সাইবার হামলার সঙ্গে এ গ্রুপ জড়িত। সনি পিকচার্সে হামলা এবং ওয়ানাক্রাই র‍্যানসমওয়্যার ছড়ানোর ঘটনাতেও তাদের সম্পৃক্ততা পাওয়া গেছে।

রোহিঙ্গা নির্যাতন

(প্রথম পৃষ্ঠার পর) অপরাধ সংঘটিত হওয়ার অভিযোগ তদন্ত করার এখতিয়ার আন্তর্জাতিক অপরাধ ট্রাইব্যুনালের (আইসিসি) রয়েছে। এবিষয়ে মিয়ানমারের সরকার শুরুতেই এক বিবৃতিতে আন্তর্জাতিক অপরাধ আদালতের এ সিদ্ধান্ত প্রত্যাখ্যান করেছে।

মিয়ানমার সরকারের মুখপাত্র জ হতে বলেন, আইসিসির এমন রায় দেওয়ার কোনো এখতিয়ার নেই। মিয়ানমার রোম সংবিধির সদস্য নয়। তাই আদালতের এ সিদ্ধান্ত মেনে নেওয়ার কোনো বাধ্যবাধকতা নেই বলে তিনি দাবি করেন।

বিচার করার কর্তব্য আইসিসির নেই-মিয়ানমার : মিয়ানমারের সরকারি বিবৃতিতে বলা হয়েছে, আন্তর্জাতিক অপরাধ আদালত যে সিদ্ধান্ত দিয়েছে তা আন্তর্জাতিক আইনের পরিপন্থী। তারা এ আদালতের কার্যক্রমে সহযোগিতা করবে না।

জাতিসংঘের মানবাধিকার বিষয়ক প্রধান রায়কে স্বাগত জানিয়ে বলেন, রোহিঙ্গাদের ওপর সংঘটিত অপরাধের বিচারের পথে এটি গুরুত্বপূর্ণ পদক্ষেপ। ভুক্তভোগীরা ন্যায়বিচার পাওয়ার আশা দেখছেন।

রাখাইনে সংঘটিত হত্যা, ধর্ষণ ও অগ্নিসংযোগের প্রমাণ সংগ্রহে জাতিসংঘের তদন্ত দল কাজ করছে। তাদের প্রতিবেদনেও সেনাবাহিনীর শীর্ষ কর্মকর্তাদের বিচারের সুপারিশ করা হয়েছে।

বাংলাদেশ সরকার এ রায়কে ইতিবাচক হিসেবে দেখছে। পররাষ্ট্রমন্ত্রণালয় সংশ্লিষ্টরা বলছেন, রোহিঙ্গাদের নিরাপদ ও মর্যাদাপূর্ণ প্রত্যাবাসনে আন্তর্জাতিক চাপ আরও বাড়বে।

মিয়ানমার সরকারের মুখপাত্র জ হতে বলেন, আইসিসির এমন রায় দেওয়ার কোনো এখতিয়ার নেই। মিয়ানমার রোম সংবিধির সদস্য নয়। তাই আদালতের এ সিদ্ধান্ত মেনে নেওয়ার কোনো বাধ্যবাধকতা নেই বলে তিনি দাবি করেন।

জাতিসংঘের মানবাধিকার বিষয়ক প্রধান রায়কে স্বাগত জানিয়ে বলেন, রোহিঙ্গাদের ওপর সংঘটিত অপরাধের বিচারের পথে এটি গুরুত্বপূর্ণ পদক্ষেপ। ভুক্তভোগীরা ন্যায়বিচার পাওয়ার আশা দেখছেন।

বাড়ছে চালের দাম

(তৃতীয় পৃষ্ঠার পর) মিনিকেট চালের দাম প্রতি কেজি ৬২ থেকে ৬৪ টাকায় বিক্রি হচ্ছে। নাজিরশাইল চাল বিক্রি হচ্ছে ৬৬ থেকে ৬৮ টাকায়। মোটা চালের দামও কেজিতে দুই টাকা বেড়েছে।

ব্যবসায়ীরা বলছেন, মিল মালিকরা সরবরাহ কমিয়ে দেওয়ায় বাজারে এর প্রভাব পড়েছে। তবে মিল মালিকরা বলছেন, ধানের দাম বাড়ায় চালের দাম বাড়াতে বাধ্য হয়েছেন তারা।

দেশের উন্নয়নে

(প্রথম পৃষ্ঠার পর) এখানে আমি আসি ইতিহাস জানতে নয়, প্রতিজ্ঞা নিতে। দেশের উন্নয়নে সবাইকে ঐক্যবদ্ধ হয়ে কাজ করতে হবে। তিনি বলেন, ক্ষুধা ও দারিদ্র্যমুক্ত বাংলাদেশ গড়তে সরকার নিরলস কাজ করে যাচ্ছে।

অনুষ্ঠানে বক্তারা বলেন, গত এক দশকে দেশের অর্থনীতিতে ব্যাপক অগ্রগতি হয়েছে। মাথাপিছু আয় বেড়েছে, দারিদ্র্যের হার কমেছে। বিদ্যুৎ, যোগাযোগ ও অবকাঠামো খাতে দৃশ্যমান উন্নয়ন হয়েছে।

তারা বলেন, পদ্মা সেতু, মেট্রোরেল ও কর্ণফুলী টানেলের মতো মেগা প্রকল্প বাস্তবায়নের ফলে দেশের অর্থনীতি আরও গতিশীল হবে। এ উন্নয়নের ধারা অব্যাহত রাখতে সবার সহযোগিতা প্রয়োজন।

অনুষ্ঠানে স্থানীয় সংসদ সদস্য, জেলা প্রশাসক, পুলিশ সুপার এবং বিভিন্ন রাজনৈতিক ও সামাজিক সংগঠনের নেতারা উপস্থিত ছিলেন।

(প্রথম পৃষ্ঠার পর) এখানে আমি আসি ইতিহাস জানতে নয়, প্রতিজ্ঞা নিতে। দেশের উন্নয়নে সবাইকে ঐক্যবদ্ধ হয়ে কাজ করতে হবে। তিনি বলেন, ক্ষুধা ও দারিদ্র্যমুক্ত বাংলাদেশ গড়তে সরকার নিরলস কাজ করে যাচ্ছে।

তারা বলেন, পদ্মা সেতু, মেট্রোরেল ও কর্ণফুলী টানেলের মতো মেগা প্রকল্প বাস্তবায়নের ফলে দেশের অর্থনীতি আরও গতিশীল হবে। এ উন্নয়নের ধারা অব্যাহত রাখতে সবার সহযোগিতা প্রয়োজন।

পুকুর থেকে উঠিয়ে

(শেষের পৃষ্ঠার পর) স্থানীয় এলাকাবাসী জানান, দুপুরে শিশুটি বাড়ির পাশে খেলা করছিল। এক পর্যায়ে সে নিখোঁজ হয়। পরিবারের সদস্যরা খোঁজাখুঁজির পর পুকুরে শিশুটির লাশ ভাসতে দেখেন।

পরে তাকে উদ্ধার করে উপজেলা স্বাস্থ্য কমপ্লেক্সে নিয়ে গেলে কর্তব্যরত চিকিৎসক মৃত ঘোষণা করেন। শিশুটির মৃত্যুতে এলাকায় শোকের ছায়া নেমে এসেছে।

থানার ভারপ্রাপ্ত কর্মকর্তা জানান, এ ঘটনায় অপমৃত্যুর মামলা হয়েছে। ময়নাতদন্ত প্রতিবেদন পাওয়ার পর মৃত্যুর প্রকৃত কারণ জানা যাবে।

(শেষের পৃষ্ঠার পর) স্থানীয় এলাকাবাসী জানান, দুপুরে শিশুটি বাড়ির পাশে খেলা করছিল। এক পর্যায়ে সে নিখোঁজ হয়। পরিবারের সদস্যরা খোঁজাখুঁজির পর পুকুরে শিশুটির লাশ ভাসতে দেখেন।

রাজধানীতে আবারও

(শেষের পৃষ্ঠার পর) সিটি করপোরেশনের স্বাস্থ্য বিভাগ জানিয়েছে, ডেঙ্গু প্রতিরোধে মশক নিধন কার্যক্রম জোরদার করা হয়েছে। বাসাবাড়িতে জমে থাকা পানিতে এডিস মশার লার্ভা পাওয়া যাচ্ছে।

চিকিৎসকরা বলছেন, জ্বর হলে দেরি না করে চিকিৎসকের পরামর্শ নিতে হবে। ডেঙ্গু আক্রান্ত রোগীদের প্রচুর তরল খাবার গ্রহণ করতে হবে এবং বিশ্রামে থাকতে হবে।

স্বাস্থ্য অধিদফতরের তথ্য অনুযায়ী, চলতি মাসে রাজধানীর বিভিন্ন হাসপাতালে ডেঙ্গু আক্রান্ত হয়ে ভর্তি রোগীর সংখ্যা আগের মাসের তুলনায় বেড়েছে।

নগরবাসীকে নিজ নিজ বাড়ির আশপাশ পরিষ্কার রাখার আহ্বান জানিয়েছে সিটি করপোরেশন। ফুলের টব, টায়ার ও পরিত্যক্ত পাত্রে পানি জমতে না দেওয়ার পরামর্শ দেওয়া হয়েছে।

দ্বিপক্ষীয় বিজিবি-বিএসএফ

(শেষের পৃষ্ঠার পর) সীমান্তে চোরাচালান, মাদক পাচার ও মানব পাচার প্রতিরোধে দুই বাহিনী যৌথভাবে কাজ করতে সম্মত হয়েছে। সীমান্তে হত্যা শূন্যে নামিয়ে আনার বিষয়েও বৈঠকে আলোচনা হয়।

বিজিবি মহাপরিচালক বলেন, সীমান্তে প্রাণঘাতী অস্ত্র ব্যবহার না করার বিষয়ে বিএসএফ আবারও প্রতিশ্রুতি দিয়েছে। দুই দেশের সম্পর্ক এখন সর্বোচ্চ উচ্চতায় রয়েছে।

বৈঠকে সীমান্ত এলাকায় উন্নয়ন কাজ, যৌথ টহল এবং তথ্য বিনিময় বাড়ানোর বিষয়ে সিদ্ধান্ত হয়। দুই বাহিনীর মধ্যে পরবর্তী সম্মেলন ঢাকায় অনুষ্ঠিত হবে।

বৈঠক শেষে যৌথ আলোচনার দলিলে স্বাক্ষর করেন দুই বাহিনীর প্রধান। উভয় পক্ষই আলোচনাকে ফলপ্রসূ বলে উল্লেখ করেছে।
